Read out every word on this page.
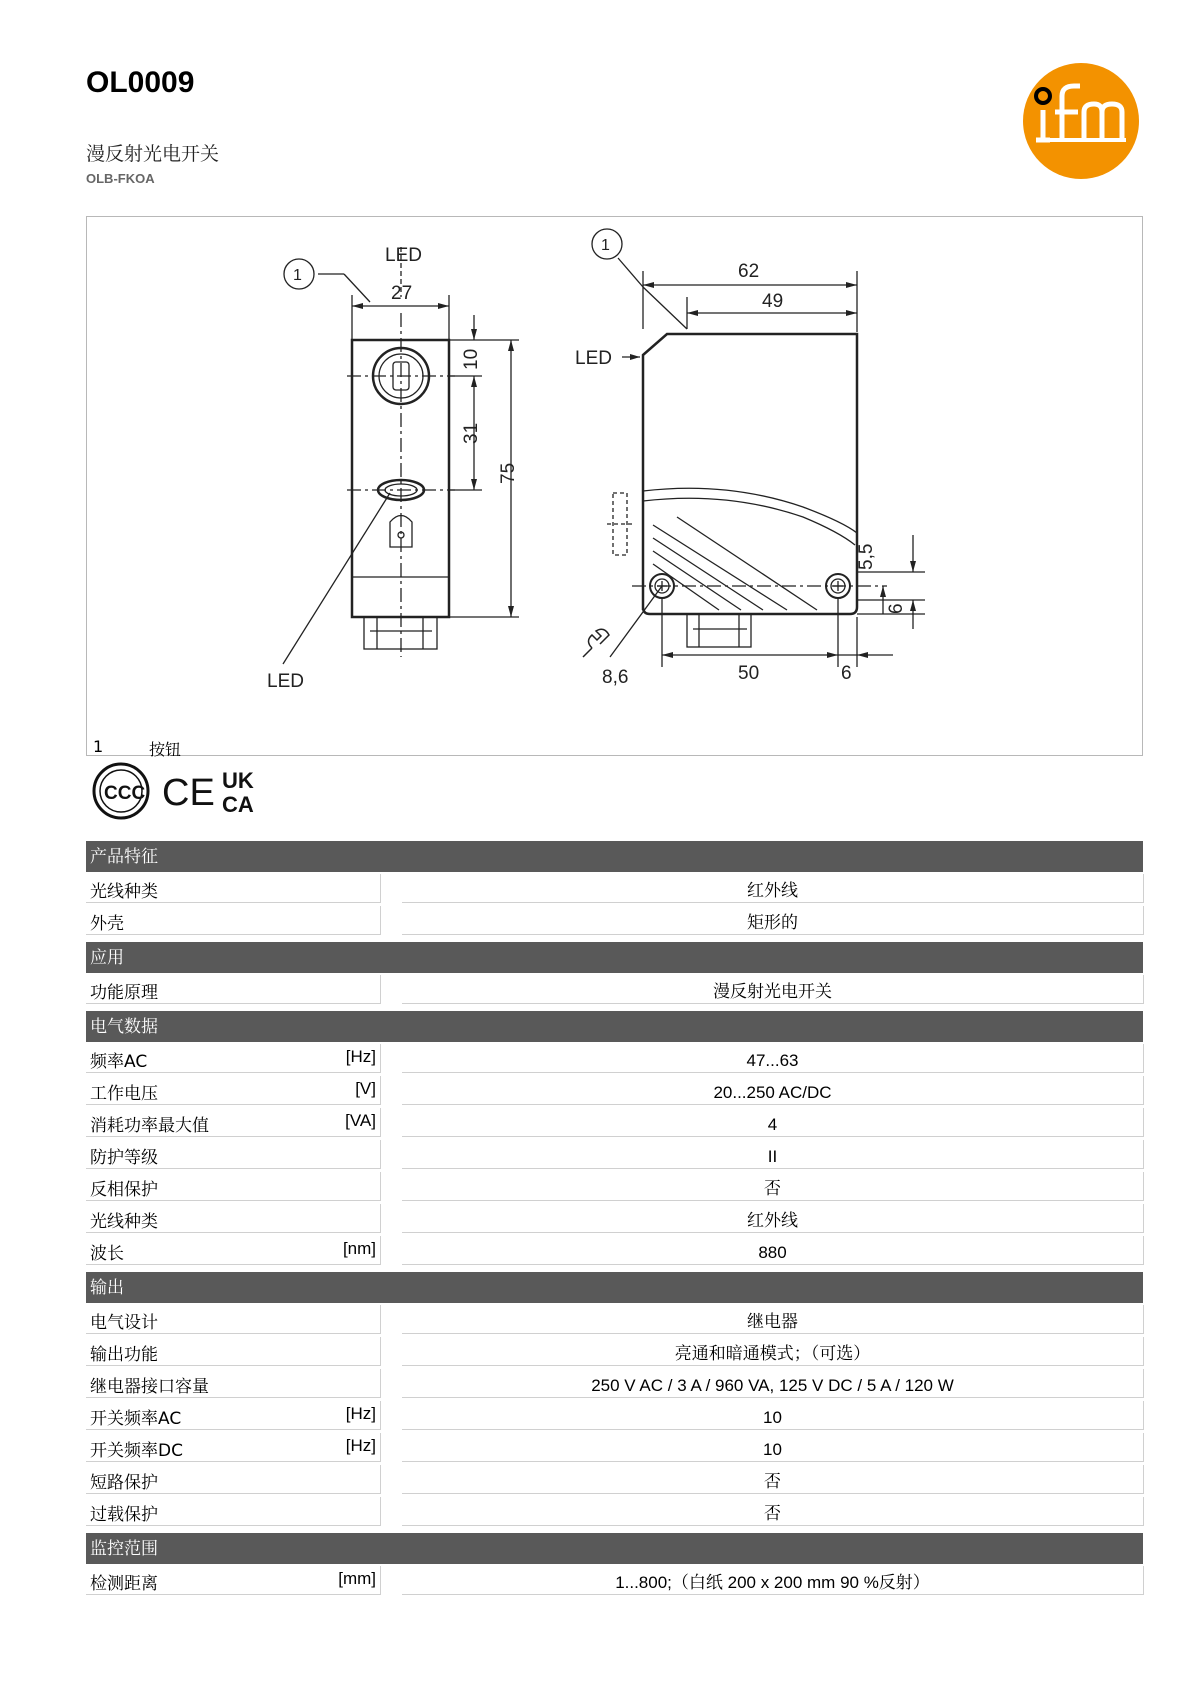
OL0009
漫反射光电开关
OLB-FKOA
LED
27
1
10
31
75
LED
1
62
49
LED
50	6
8,6
5,5
6
1	按钮
CCC CE UK
CA
UKCA
产品特征
光线种类	红外线
外壳	矩形的
应用
功能原理	漫反射光电开关
电气数据
频率AC	[Hz]	47...63
工作电压	[V]	20...250 AC/DC
消耗功率最大值	[VA]	4
防护等级	II
反相保护	否
光线种类	红外线
波长	[nm]	880
输出
电气设计	继电器
输出功能	亮通和暗通模式；（可选）
继电器接口容量	250 V AC / 3 A / 960 VA, 125 V DC / 5 A / 120 W
开关频率AC	[Hz]	10
开关频率DC	[Hz]	10
短路保护	否
过载保护	否
监控范围
检测距离	[mm]	1...800;（白纸 200 x 200 mm 90 %反射）
